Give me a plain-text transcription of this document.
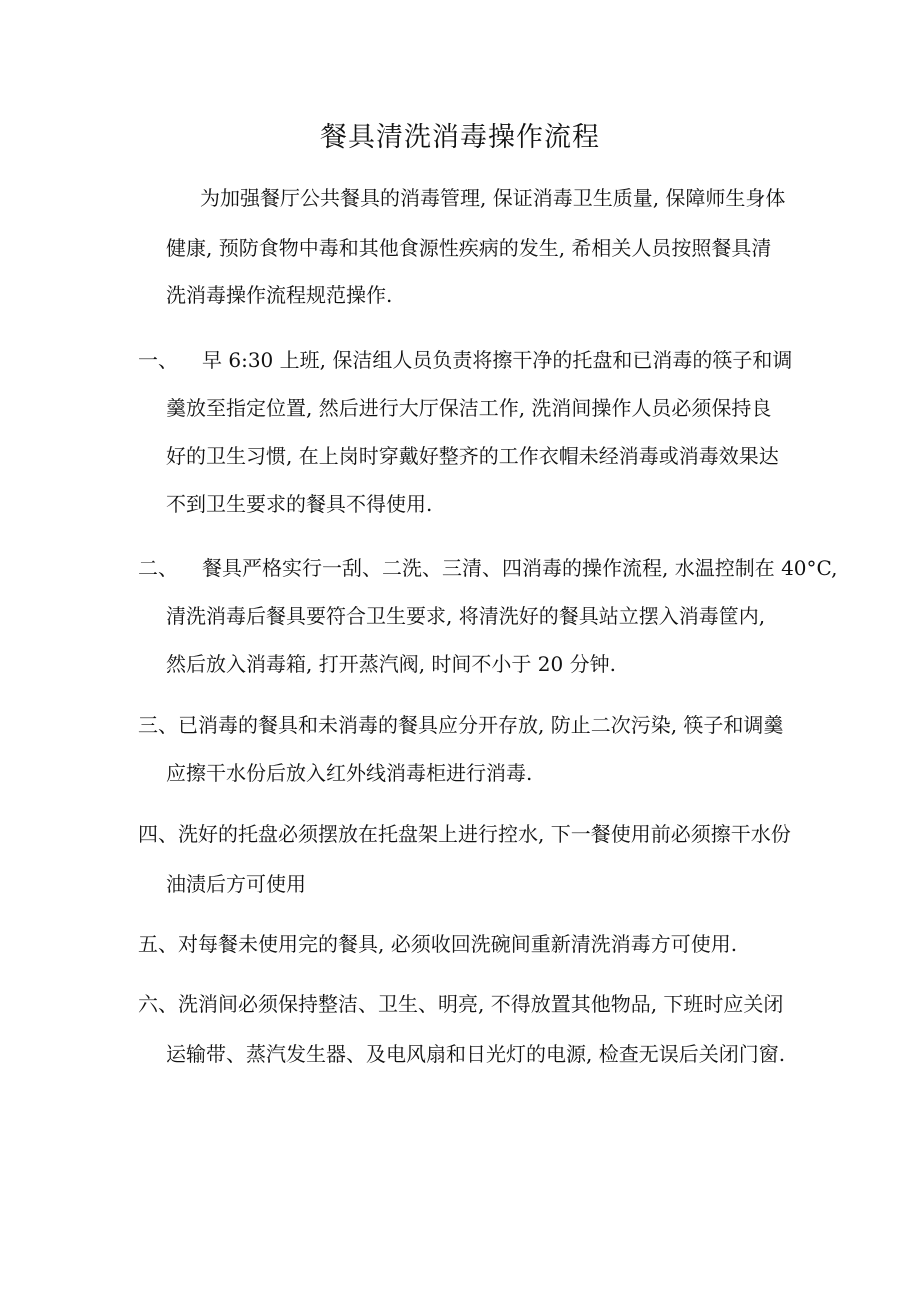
餐具清洗消毒操作流程
为加强餐厅公共餐具的消毒管理, 保证消毒卫生质量, 保障师生身体
健康, 预防食物中毒和其他食源性疾病的发生, 希相关人员按照餐具清
洗消毒操作流程规范操作.
一、 早 6:30 上班, 保洁组人员负责将擦干净的托盘和已消毒的筷子和调
羹放至指定位置, 然后进行大厅保洁工作, 洗消间操作人员必须保持良
好的卫生习惯, 在上岗时穿戴好整齐的工作衣帽未经消毒或消毒效果达
不到卫生要求的餐具不得使用.
二、 餐具严格实行一刮、二洗、三清、四消毒的操作流程, 水温控制在 40°C,
清洗消毒后餐具要符合卫生要求, 将清洗好的餐具站立摆入消毒筐内,
然后放入消毒箱, 打开蒸汽阀, 时间不小于 20 分钟.
三、 已消毒的餐具和未消毒的餐具应分开存放, 防止二次污染, 筷子和调羹
应擦干水份后放入红外线消毒柜进行消毒.
四、 洗好的托盘必须摆放在托盘架上进行控水, 下一餐使用前必须擦干水份
油渍后方可使用
五、 对每餐未使用完的餐具, 必须收回洗碗间重新清洗消毒方可使用.
六、 洗消间必须保持整洁、卫生、明亮, 不得放置其他物品, 下班时应关闭
运输带、蒸汽发生器、及电风扇和日光灯的电源, 检查无误后关闭门窗.
